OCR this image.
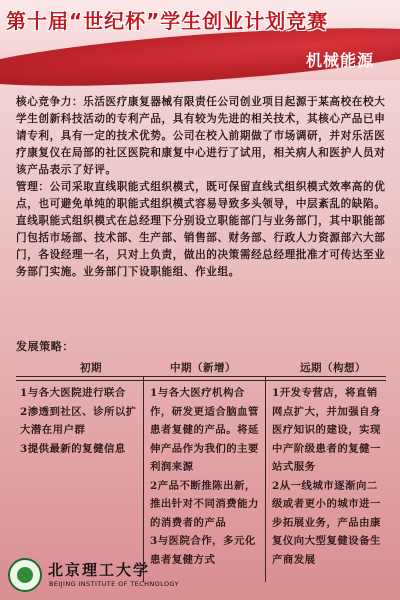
第十届“世纪杯”学生创业计划竞赛
机械能源

核心竞争力：乐活医疗康复器械有限责任公司创业项目起源于某高校在校大学生创新科技活动的专利产品，具有较为先进的相关技术，其核心产品已申请专利，具有一定的技术优势。公司在校入前期做了市场调研，并对乐活医疗康复仪在局部的社区医院和康复中心进行了试用，相关病人和医护人员对该产品表示了好评。

管理：公司采取直线职能式组织模式，既可保留直线式组织模式效率高的优点，也可避免单纯的职能式组织模式容易导致多头领导，中层紊乱的缺陷。直线职能式组织模式在总经理下分别设立职能部门与业务部门，其中职能部门包括市场部、技术部、生产部、销售部、财务部、行政人力资源部六大部门，各设经理一名，只对上负责，做出的决策需经总经理批准才可传达至业务部门实施。业务部门下设职能组、作业组。

发展策略：
初期	中期（新增）	远期（构想）
1与各大医院进行联合
2渗透到社区、诊所以扩大潜在用户群
3提供最新的复健信息
1与各大医疗机构合作，研发更适合脑血管患者复健的产品。将延伸产品作为我们的主要利润来源
2产品不断推陈出新，推出针对不同消费能力的消费者的产品
3与医院合作，多元化患者复健方式
1开发专营店，将直销网点扩大，并加强自身医疗知识的建设，实现中产阶级患者的复健一站式服务
2从一线城市逐渐向二级或者更小的城市进一步拓展业务，产品由康复仪向大型复健设备生产商发展
北京理工大学
BEIJING INSTITUTE OF TECHNOLOGY
